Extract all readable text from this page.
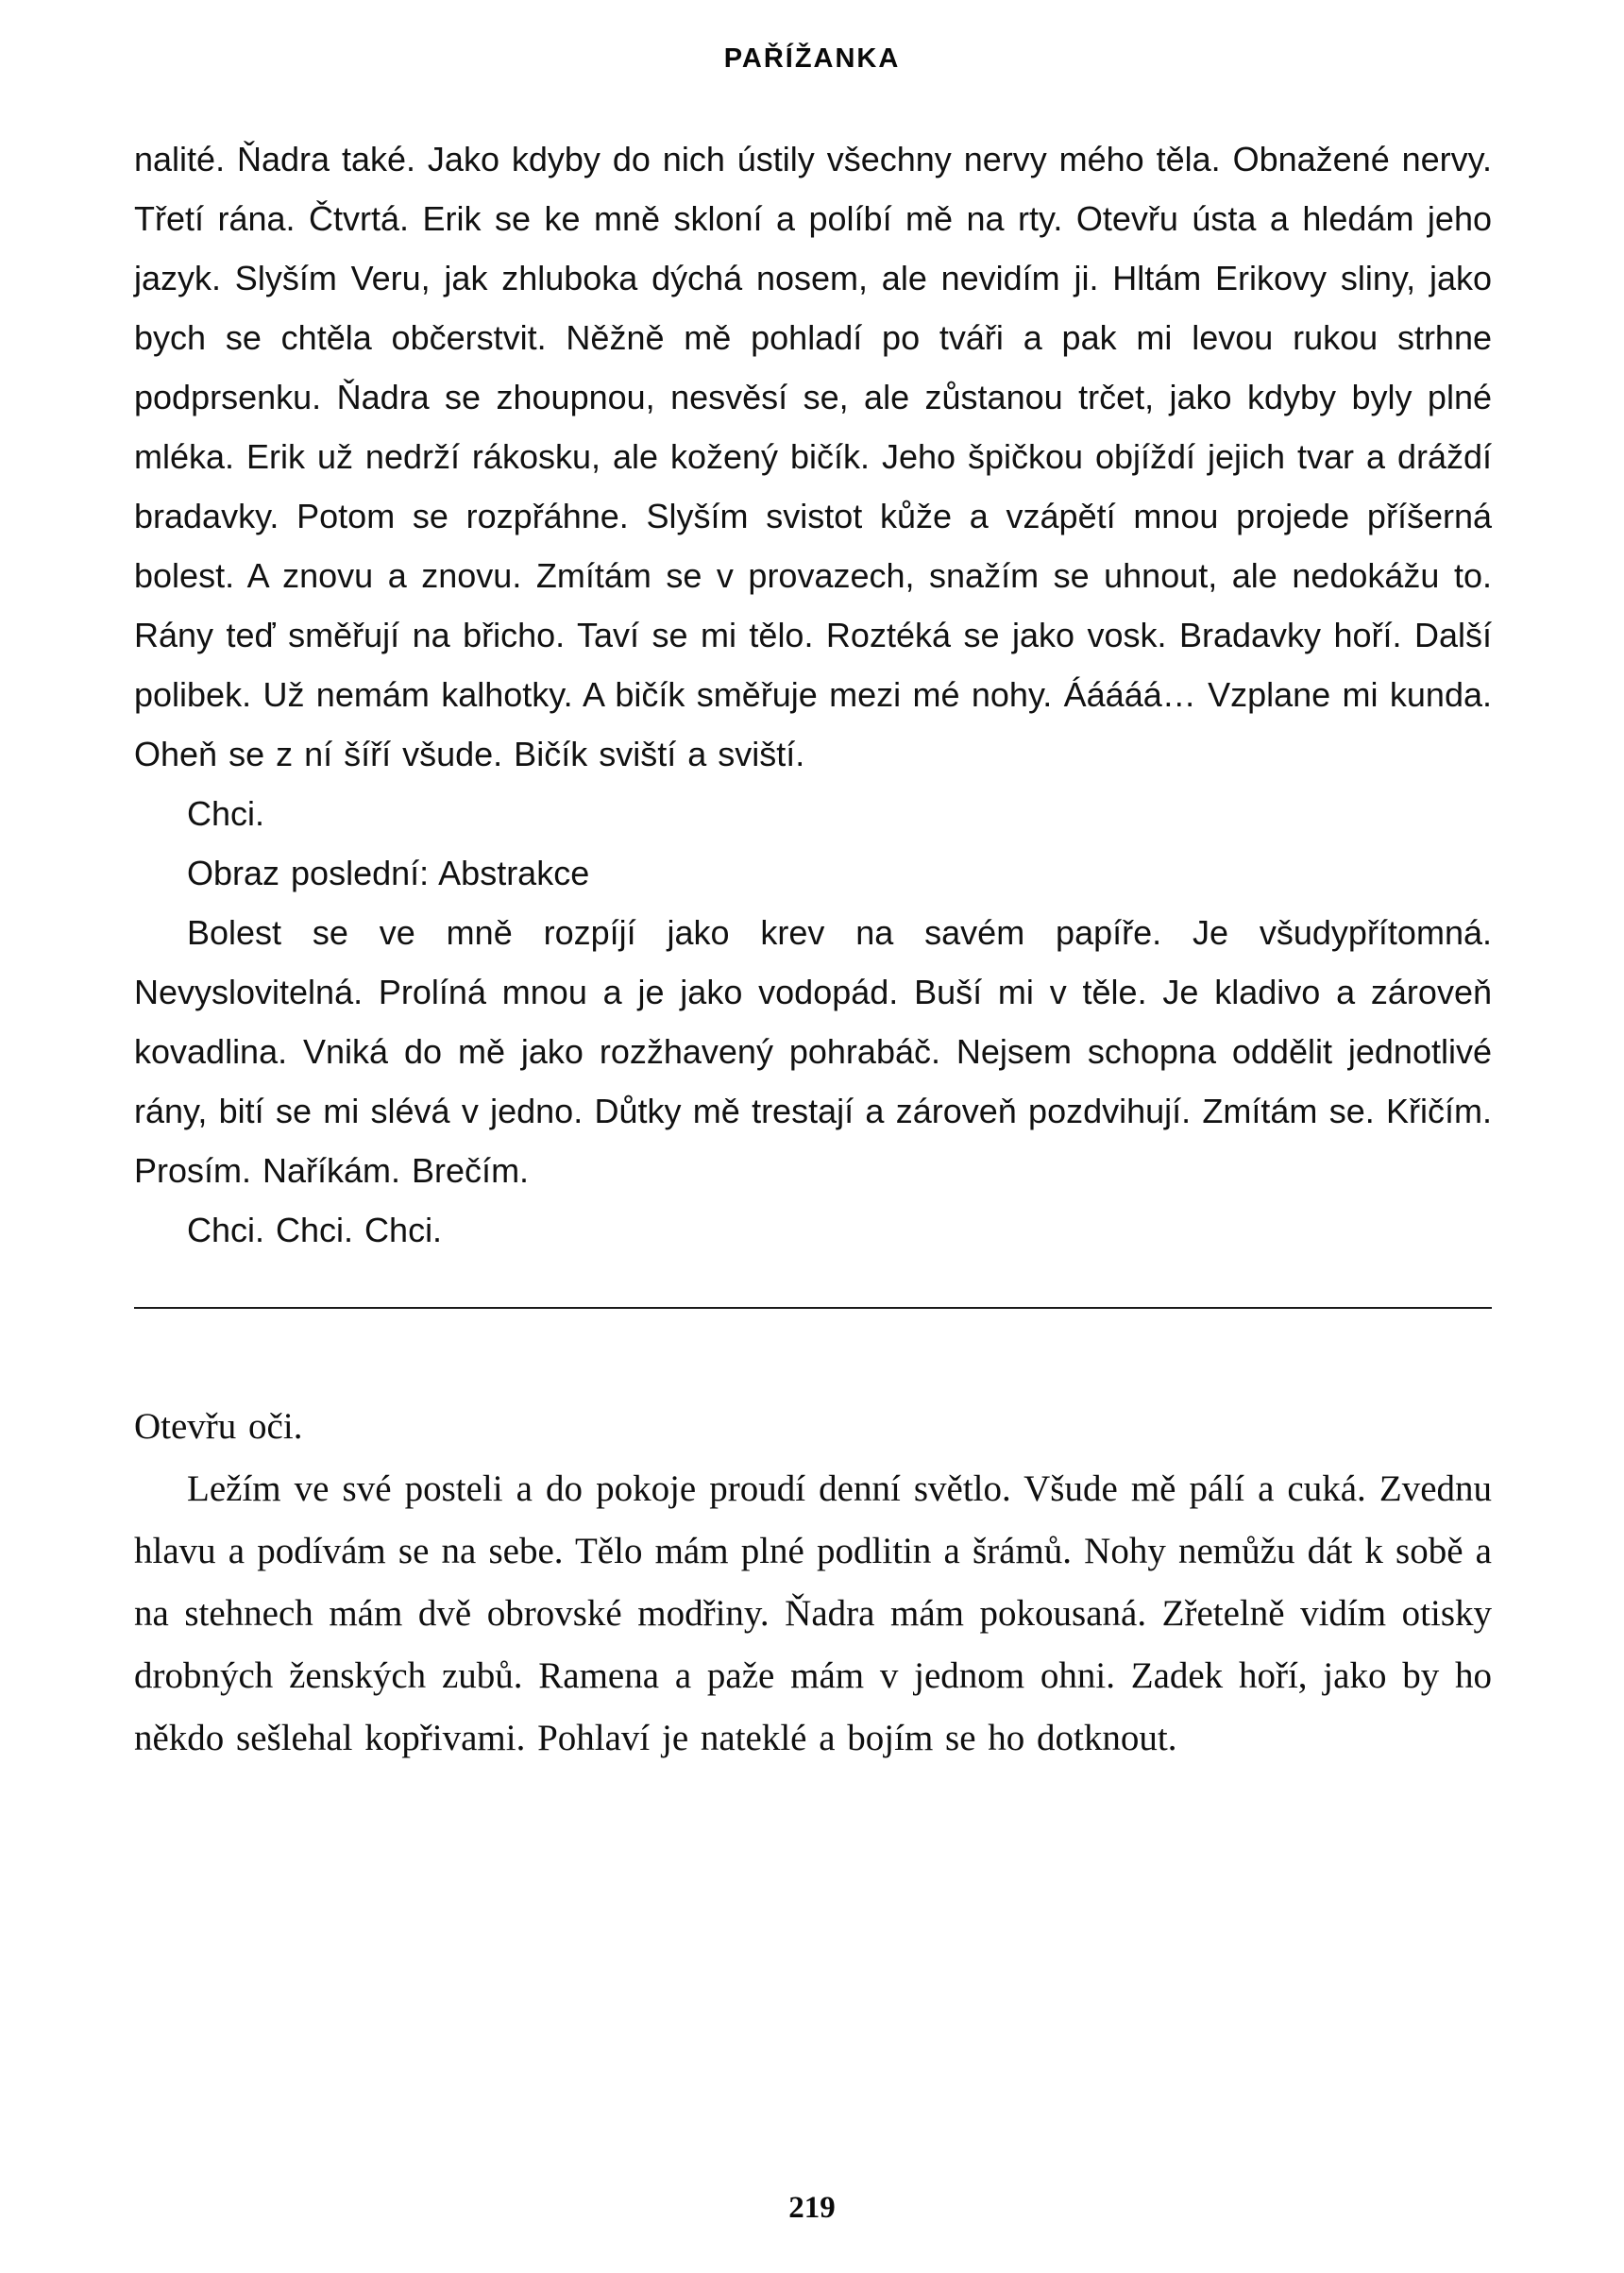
PAŘÍŽANKA

nalité. Ňadra také. Jako kdyby do nich ústily všechny nervy mého těla. Obnažené nervy. Třetí rána. Čtvrtá. Erik se ke mně skloní a políbí mě na rty. Otevřu ústa a hledám jeho jazyk. Slyším Veru, jak zhluboka dýchá nosem, ale nevidím ji. Hltám Erikovy sliny, jako bych se chtěla občerstvit. Něžně mě pohladí po tváři a pak mi levou rukou strhne podprsenku. Ňadra se zhoupnou, nesvěsí se, ale zůstanou trčet, jako kdyby byly plné mléka. Erik už nedrží rákosku, ale kožený bičík. Jeho špičkou objíždí jejich tvar a dráždí bradavky. Potom se rozpřáhne. Slyším svistot kůže a vzápětí mnou projede příšerná bolest. A znovu a znovu. Zmítám se v provazech, snažím se uhnout, ale nedokážu to. Rány teď směřují na břicho. Taví se mi tělo. Roztéká se jako vosk. Bradavky hoří. Další polibek. Už nemám kalhotky. A bičík směřuje mezi mé nohy. Ááááá… Vzplane mi kunda. Oheň se z ní šíří všude. Bičík sviští a sviští.

Chci.

Obraz poslední: Abstrakce

Bolest se ve mně rozpíjí jako krev na savém papíře. Je všudypřítomná. Nevyslovitelná. Prolíná mnou a je jako vodopád. Buší mi v těle. Je kladivo a zároveň kovadlina. Vniká do mě jako rozžhavený pohrabáč. Nejsem schopna oddělit jednotlivé rány, bití se mi slévá v jedno. Důtky mě trestají a zároveň pozdvihují. Zmítám se. Křičím. Prosím. Naříkám. Brečím.

Chci. Chci. Chci.

Otevřu oči.

Ležím ve své posteli a do pokoje proudí denní světlo. Všude mě pálí a cuká. Zvednu hlavu a podívám se na sebe. Tělo mám plné podlitin a šrámů. Nohy nemůžu dát k sobě a na stehnech mám dvě obrovské modřiny. Ňadra mám pokousaná. Zřetelně vidím otisky drobných ženských zubů. Ramena a paže mám v jednom ohni. Zadek hoří, jako by ho někdo sešlehal kopřivami. Pohlaví je nateklé a bojím se ho dotknout.

219
